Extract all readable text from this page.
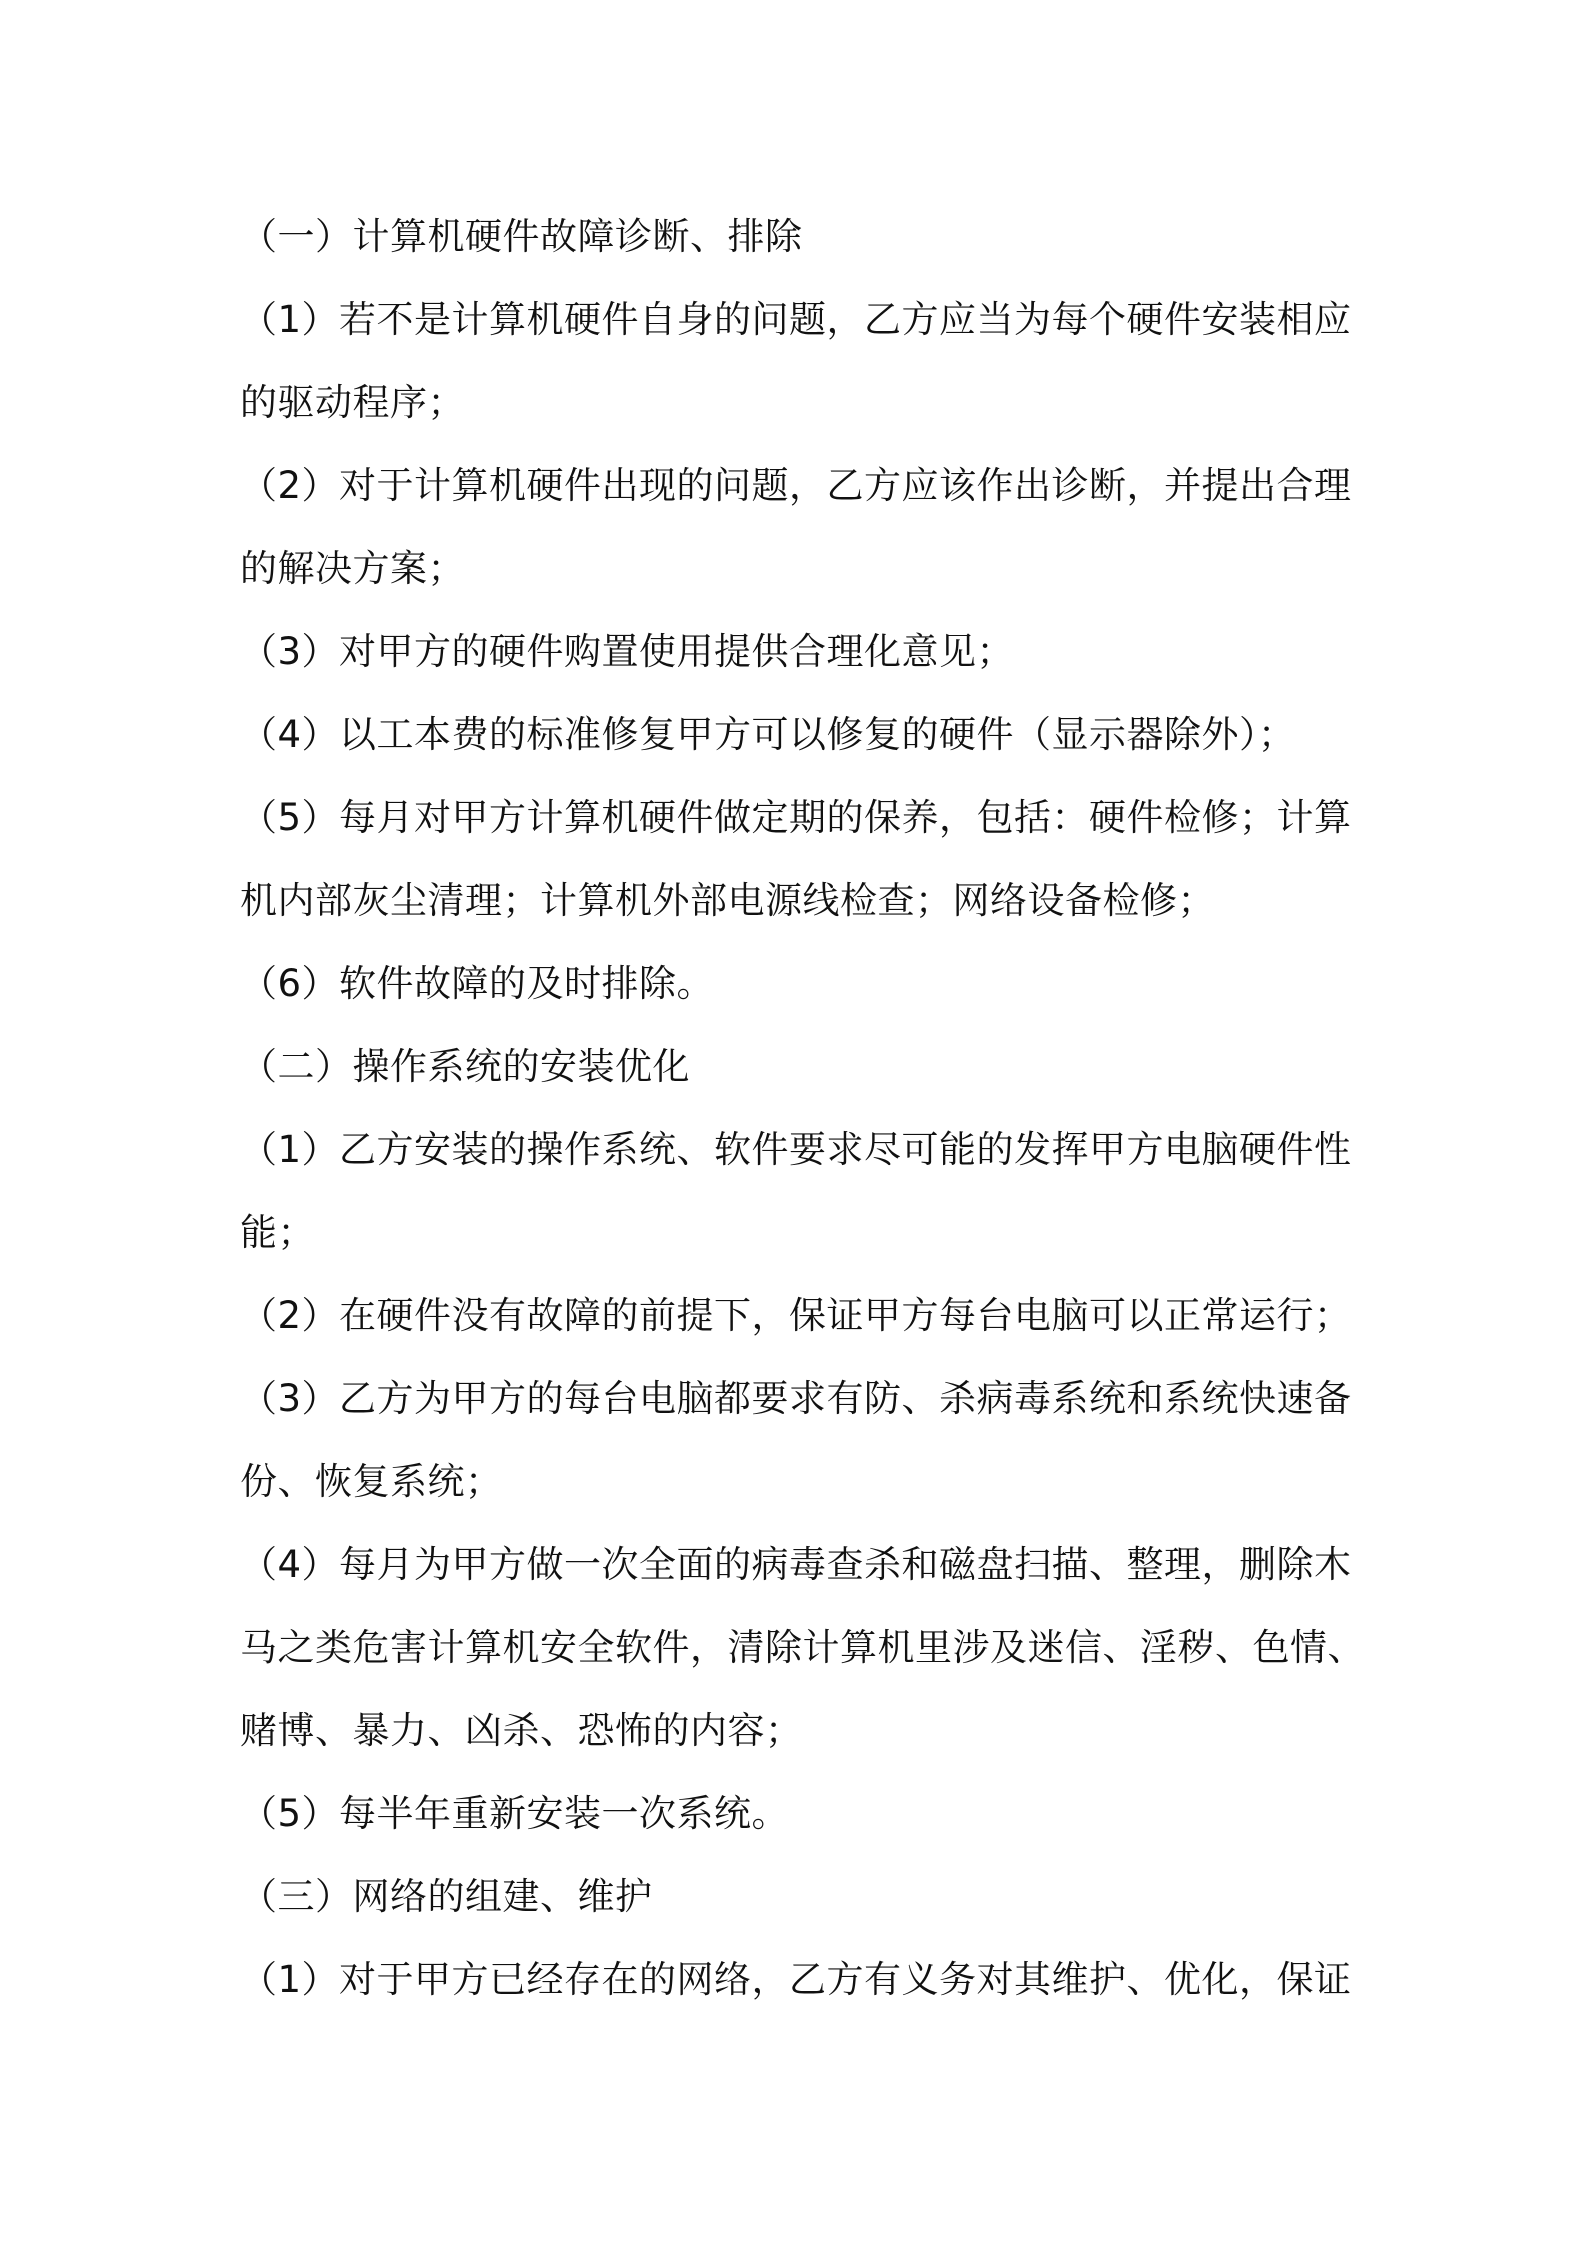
（一）计算机硬件故障诊断、排除
（1）若不是计算机硬件自身的问题，乙方应当为每个硬件安装相应
的驱动程序；
（2）对于计算机硬件出现的问题，乙方应该作出诊断，并提出合理
的解决方案；
（3）对甲方的硬件购置使用提供合理化意见；
（4）以工本费的标准修复甲方可以修复的硬件（显示器除外）；
（5）每月对甲方计算机硬件做定期的保养，包括：硬件检修；计算
机内部灰尘清理；计算机外部电源线检查；网络设备检修；
（6）软件故障的及时排除。
（二）操作系统的安装优化
（1）乙方安装的操作系统、软件要求尽可能的发挥甲方电脑硬件性
能；
（2）在硬件没有故障的前提下，保证甲方每台电脑可以正常运行；
（3）乙方为甲方的每台电脑都要求有防、杀病毒系统和系统快速备
份、恢复系统；
（4）每月为甲方做一次全面的病毒查杀和磁盘扫描、整理，删除木
马之类危害计算机安全软件，清除计算机里涉及迷信、淫秽、色情、
赌博、暴力、凶杀、恐怖的内容；
（5）每半年重新安装一次系统。
（三）网络的组建、维护
（1）对于甲方已经存在的网络，乙方有义务对其维护、优化，保证
